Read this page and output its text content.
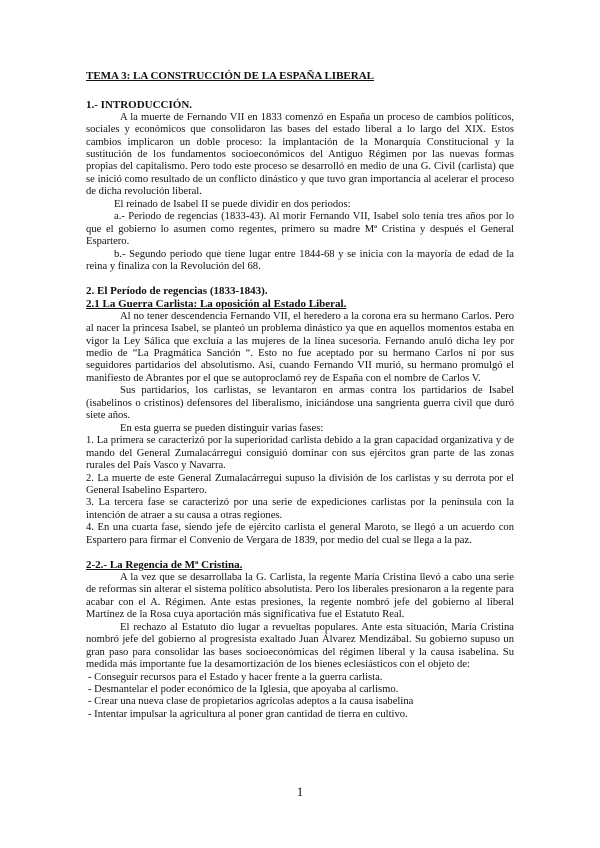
TEMA 3: LA CONSTRUCCIÓN DE LA ESPAÑA LIBERAL

1.- INTRODUCCIÓN.

A la muerte de Fernando VII en 1833 comenzó en España un proceso de cambios políticos, sociales y económicos que consolidaron las bases del estado liberal a lo largo del XIX. Estos cambios implicaron un doble proceso: la implantación de la Monarquía Constitucional y la sustitución de los fundamentos socioeconómicos del Antiguo Régimen por las nuevas formas propias del capitalismo. Pero todo este proceso se desarrolló en medio de una G. Civil (carlista) que se inició como resultado de un conflicto dinástico y que tuvo gran importancia al acelerar el proceso de dicha revolución liberal.

El reinado de Isabel II se puede dividir en dos periodos:

a.- Periodo de regencias (1833-43). Al morir Fernando VII, Isabel solo tenía tres años por lo que el gobierno lo asumen como regentes, primero su madre Mª Cristina y después el General Espartero.

b.- Segundo periodo que tiene lugar entre 1844-68 y se inicia con la mayoría de edad de la reina y finaliza con la Revolución del 68.

2. El Período de regencias (1833-1843).

2.1 La Guerra Carlista: La oposición al Estado Liberal.

Al no tener descendencia Fernando VII, el heredero a la corona era su hermano Carlos. Pero al nacer la princesa Isabel, se planteó un problema dinástico ya que en aquellos momentos estaba en vigor la Ley Sálica que excluía a las mujeres de la línea sucesoria. Fernando anuló dicha ley por medio de “La Pragmática Sanción “. Esto no fue aceptado por su hermano Carlos ni por sus seguidores partidarios del absolutismo. Así, cuando Fernando VII murió, su hermano promulgó el manifiesto de Abrantes por el que se autoproclamó rey de España con el nombre de Carlos V.

Sus partidarios, los carlistas, se levantaron en armas contra los partidarios de Isabel (isabelinos o cristinos) defensores del liberalismo, iniciándose una sangrienta guerra civil que duró siete años.

En esta guerra se pueden distinguir varias fases:

1. La primera se caracterizó por la superioridad carlista debido a la gran capacidad organizativa y de mando del General Zumalacárregui consiguió dominar con sus ejércitos gran parte de las zonas rurales del País Vasco y Navarra.

2. La muerte de este General Zumalacárregui supuso la división de los carlistas y su derrota por el General Isabelino Espartero.

3. La tercera fase se caracterizó por una serie de expediciones carlistas por la península con la intención de atraer a su causa a otras regiones.

4. En una cuarta fase, siendo jefe de ejército carlista el general Maroto, se llegó a un acuerdo con Espartero para firmar el Convenio de Vergara de 1839, por medio del cual se llega a la paz.

2-2.- La Regencia de Mª Cristina.

A la vez que se desarrollaba la G. Carlista, la regente María Cristina llevó a cabo una serie de reformas sin alterar el sistema político absolutista. Pero los liberales presionaron a la regente para acabar con el A. Régimen. Ante estas presiones, la regente nombró jefe del gobierno al liberal Martínez de la Rosa cuya aportación más significativa fue el Estatuto Real.

El rechazo al Estatuto dio lugar a revueltas populares. Ante esta situación, María Cristina nombró jefe del gobierno al progresista exaltado Juan Álvarez Mendizábal. Su gobierno supuso un gran paso para consolidar las bases socioeconómicas del régimen liberal y la causa isabelina. Su medida más importante fue la desamortización de los bienes eclesiásticos con el objeto de:

- Conseguir recursos para el Estado y hacer frente a la guerra carlista.

- Desmantelar el poder económico de la Iglesia, que apoyaba al carlismo.

- Crear una nueva clase de propietarios agrícolas adeptos a la causa isabelina

- Intentar impulsar la agricultura al poner gran cantidad de tierra en cultivo.

1
